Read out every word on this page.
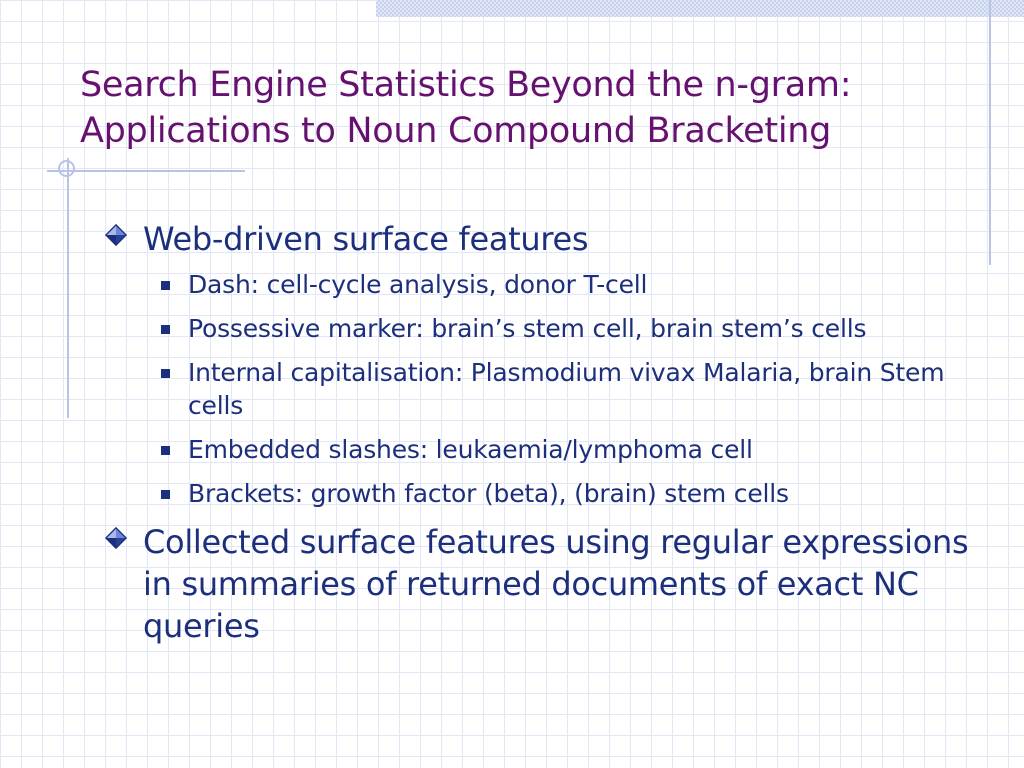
Search Engine Statistics Beyond the n-gram:
Applications to Noun Compound Bracketing
Web-driven surface features
Dash: cell-cycle analysis, donor T-cell
Possessive marker: brain’s stem cell, brain stem’s cells
Internal capitalisation: Plasmodium vivax Malaria, brain Stem cells
Embedded slashes: leukaemia/lymphoma cell
Brackets: growth factor (beta), (brain) stem cells
Collected surface features using regular expressions in summaries of returned documents of exact NC queries
